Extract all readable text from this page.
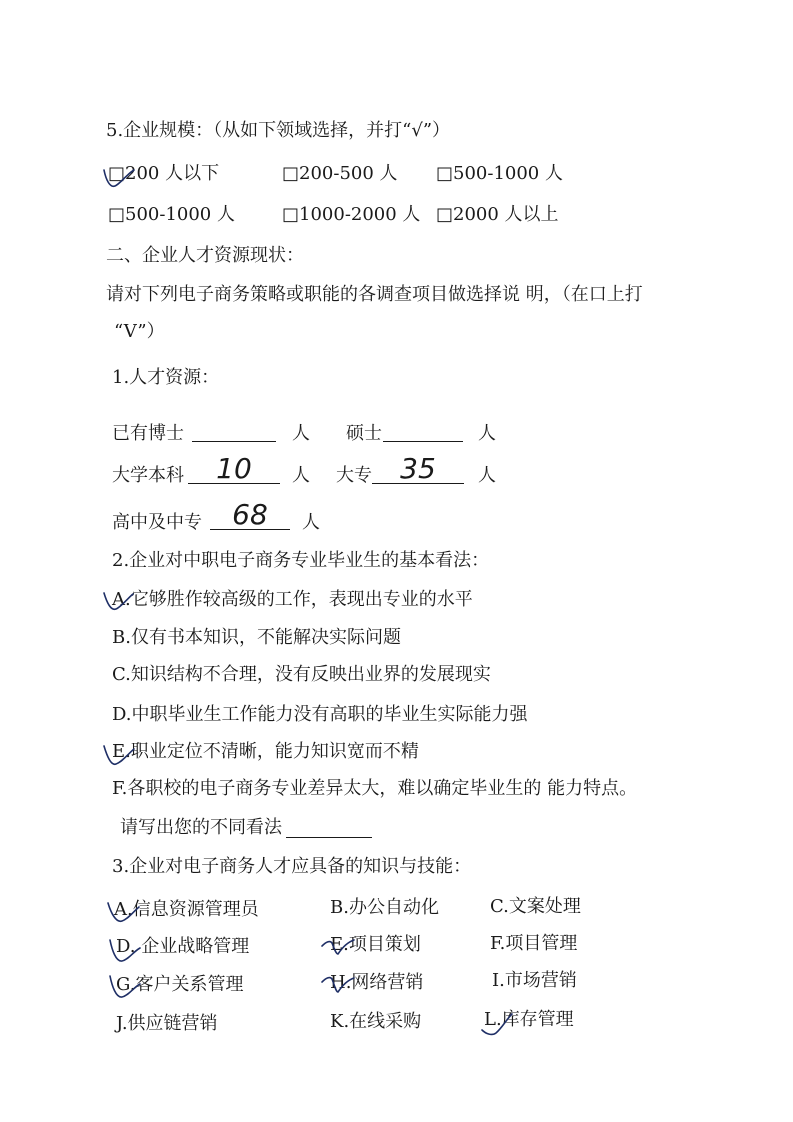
5.企业规模：（从如下领域选择，并打“√”）
□200 人以下	□200-500 人 □500-1000 人
□500-1000 人	□1000-2000 人 □2000 人以上
二、企业人才资源现状：
请对下列电子商务策略或职能的各调查项目做选择说 明，（在口上打
“V”）
1.人才资源：
已有博士	人 硕士	人
大学本科	10	人 大专	35	人
高中及中专	68	人
2.企业对中职电子商务专业毕业生的基本看法：
A.它够胜作较高级的工作，表现出专业的水平
B.仅有书本知识，不能解决实际问题
C.知识结构不合理，没有反映出业界的发展现实
D.中职毕业生工作能力没有高职的毕业生实际能力强
E.职业定位不清晰，能力知识宽而不精
F.各职校的电子商务专业差异太大，难以确定毕业生的 能力特点。
请写出您的不同看法
3.企业对电子商务人才应具备的知识与技能：
A.信息资源管理员	B.办公自动化	C.文案处理
D. 企业战略管理	E.项目策划	F.项目管理
G.客户关系管理	H.网络营销	I.市场营销
J.供应链营销	K.在线采购	L.库存管理
